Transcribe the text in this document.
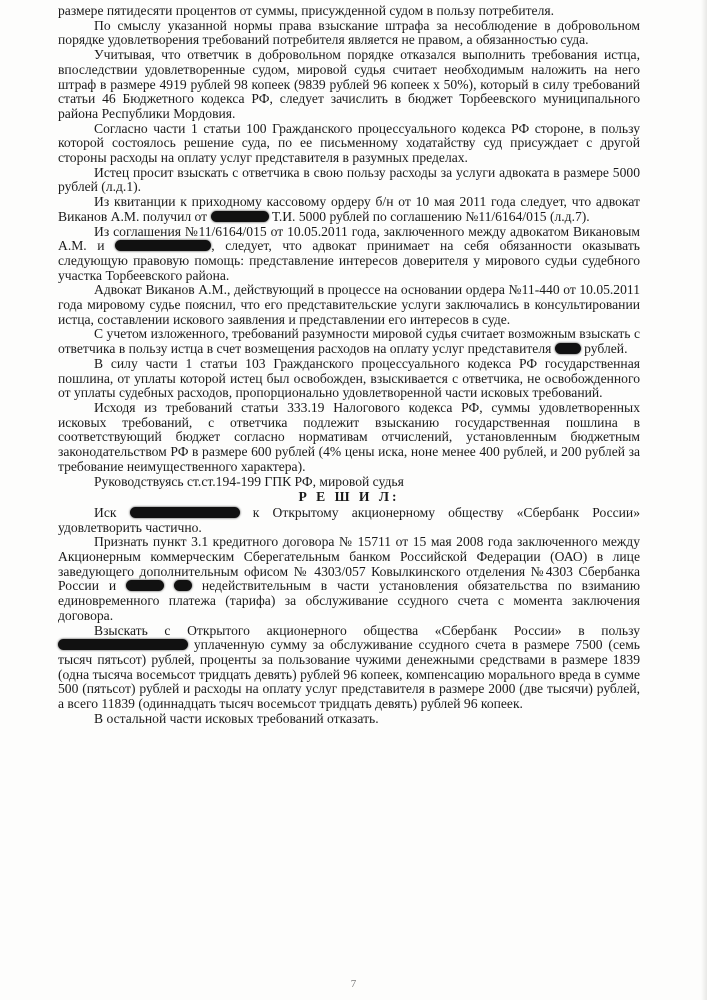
размере пятидесяти процентов от суммы, присужденной судом в пользу потребителя.

По смыслу указанной нормы права взыскание штрафа за несоблюдение в добровольном порядке удовлетворения требований потребителя является не правом, а обязанностью суда.

Учитывая, что ответчик в добровольном порядке отказался выполнить требования истца, впоследствии удовлетворенные судом, мировой судья считает необходимым наложить на него штраф в размере 4919 рублей 98 копеек (9839 рублей 96 копеек х 50%), который в силу требований статьи 46 Бюджетного кодекса РФ, следует зачислить в бюджет Торбеевского муниципального района Республики Мордовия.

Согласно части 1 статьи 100 Гражданского процессуального кодекса РФ стороне, в пользу которой состоялось решение суда, по ее письменному ходатайству суд присуждает с другой стороны расходы на оплату услуг представителя в разумных пределах.

Истец просит взыскать с ответчика в свою пользу расходы за услуги адвоката в размере 5000 рублей (л.д.1).

Из квитанции к приходному кассовому ордеру б/н от 10 мая 2011 года следует, что адвокат Виканов А.М. получил от	Т.И. 5000 рублей по соглашению №11/6164/015 (л.д.7).

Из соглашения №11/6164/015 от 10.05.2011 года, заключенного между адвокатом Викановым А.М. и	, следует, что адвокат принимает на себя обязанности оказывать следующую правовую помощь: представление интересов доверителя у мирового судьи судебного участка Торбеевского района.

Адвокат Виканов А.М., действующий в процессе на основании ордера №11-440 от 10.05.2011 года мировому судье пояснил, что его представительские услуги заключались в консультировании истца, составлении искового заявления и представлении его интересов в суде.

С учетом изложенного, требований разумности мировой судья считает возможным взыскать с ответчика в пользу истца в счет возмещения расходов на оплату услуг представителя  рублей.

В силу части 1 статьи 103 Гражданского процессуального кодекса РФ государственная пошлина, от уплаты которой истец был освобожден, взыскивается с ответчика, не освобожденного от уплаты судебных расходов, пропорционально удовлетворенной части исковых требований.

Исходя из требований статьи 333.19 Налогового кодекса РФ, суммы удовлетворенных исковых требований, с ответчика подлежит взысканию государственная пошлина в соответствующий бюджет согласно нормативам отчислений, установленным бюджетным законодательством РФ в размере 600 рублей (4% цены иска, ноне менее 400 рублей, и 200 рублей за требование неимущественного характера).

Руководствуясь ст.ст.194-199 ГПК РФ, мировой судья

Р Е Ш И Л:

Иск	к Открытому акционерному обществу «Сбербанк России» удовлетворить частично.

Признать пункт 3.1 кредитного договора № 15711 от 15 мая 2008 года заключенного между Акционерным коммерческим Сберегательным банком Российской Федерации (ОАО) в лице заведующего дополнительным офисом № 4303/057 Ковылкинского отделения №4303 Сбербанка России и	недействительным в части установления обязательства по взиманию единовременного платежа (тарифа) за обслуживание ссудного счета с момента заключения договора.

Взыскать с Открытого акционерного общества «Сбербанк России» в пользу  уплаченную сумму за обслуживание ссудного счета в размере 7500 (семь тысяч пятьсот) рублей, проценты за пользование чужими денежными средствами в размере 1839 (одна тысяча восемьсот тридцать девять) рублей 96 копеек, компенсацию морального вреда в сумме 500 (пятьсот) рублей и расходы на оплату услуг представителя в размере 2000 (две тысячи) рублей, а всего 11839 (одиннадцать тысяч восемьсот тридцать девять) рублей 96 копеек.

В остальной части исковых требований отказать.

7
